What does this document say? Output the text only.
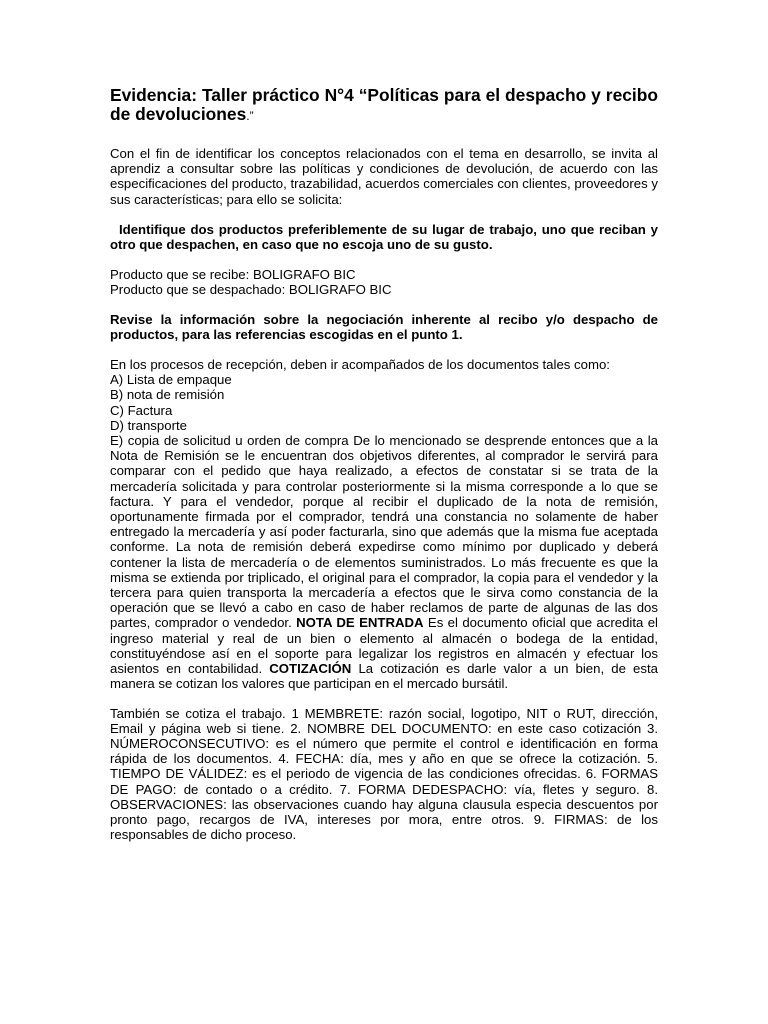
Evidencia: Taller práctico N°4 “Políticas para el despacho y recibo de devoluciones.”

Con el fin de identificar los conceptos relacionados con el tema en desarrollo, se invita al aprendiz a consultar sobre las políticas y condiciones de devolución, de acuerdo con las especificaciones del producto, trazabilidad, acuerdos comerciales con clientes, proveedores y sus características; para ello se solicita:

Identifique dos productos preferiblemente de su lugar de trabajo, uno que reciban y otro que despachen, en caso que no escoja uno de su gusto.

Producto que se recibe: BOLIGRAFO BIC

Producto que se despachado: BOLIGRAFO BIC

Revise la información sobre la negociación inherente al recibo y/o despacho de productos, para las referencias escogidas en el punto 1.

En los procesos de recepción, deben ir acompañados de los documentos tales como:

A) Lista de empaque

B) nota de remisión

C) Factura

D) transporte

E) copia de solicitud u orden de compra De lo mencionado se desprende entonces que a la Nota de Remisión se le encuentran dos objetivos diferentes, al comprador le servirá para comparar con el pedido que haya realizado, a efectos de constatar si se trata de la mercadería solicitada y para controlar posteriormente si la misma corresponde a lo que se factura. Y para el vendedor, porque al recibir el duplicado de la nota de remisión, oportunamente firmada por el comprador, tendrá una constancia no solamente de haber entregado la mercadería y así poder facturarla, sino que además que la misma fue aceptada conforme. La nota de remisión deberá expedirse como mínimo por duplicado y deberá contener la lista de mercadería o de elementos suministrados. Lo más frecuente es que la misma se extienda por triplicado, el original para el comprador, la copia para el vendedor y la tercera para quien transporta la mercadería a efectos que le sirva como constancia de la operación que se llevó a cabo en caso de haber reclamos de parte de algunas de las dos partes, comprador o vendedor. NOTA DE ENTRADA Es el documento oficial que acredita el ingreso material y real de un bien o elemento al almacén o bodega de la entidad, constituyéndose así en el soporte para legalizar los registros en almacén y efectuar los asientos en contabilidad. COTIZACIÓN La cotización es darle valor a un bien, de esta manera se cotizan los valores que participan en el mercado bursátil.

También se cotiza el trabajo. 1 MEMBRETE: razón social, logotipo, NIT o RUT, dirección, Email y página web si tiene. 2. NOMBRE DEL DOCUMENTO: en este caso cotización 3. NÚMEROCONSECUTIVO: es el número que permite el control e identificación en forma rápida de los documentos. 4. FECHA: día, mes y año en que se ofrece la cotización. 5. TIEMPO DE VÁLIDEZ: es el periodo de vigencia de las condiciones ofrecidas. 6. FORMAS DE PAGO: de contado o a crédito. 7. FORMA DEDESPACHO: vía, fletes y seguro. 8. OBSERVACIONES: las observaciones cuando hay alguna clausula especia descuentos por pronto pago, recargos de IVA, intereses por mora, entre otros. 9. FIRMAS: de los responsables de dicho proceso.
